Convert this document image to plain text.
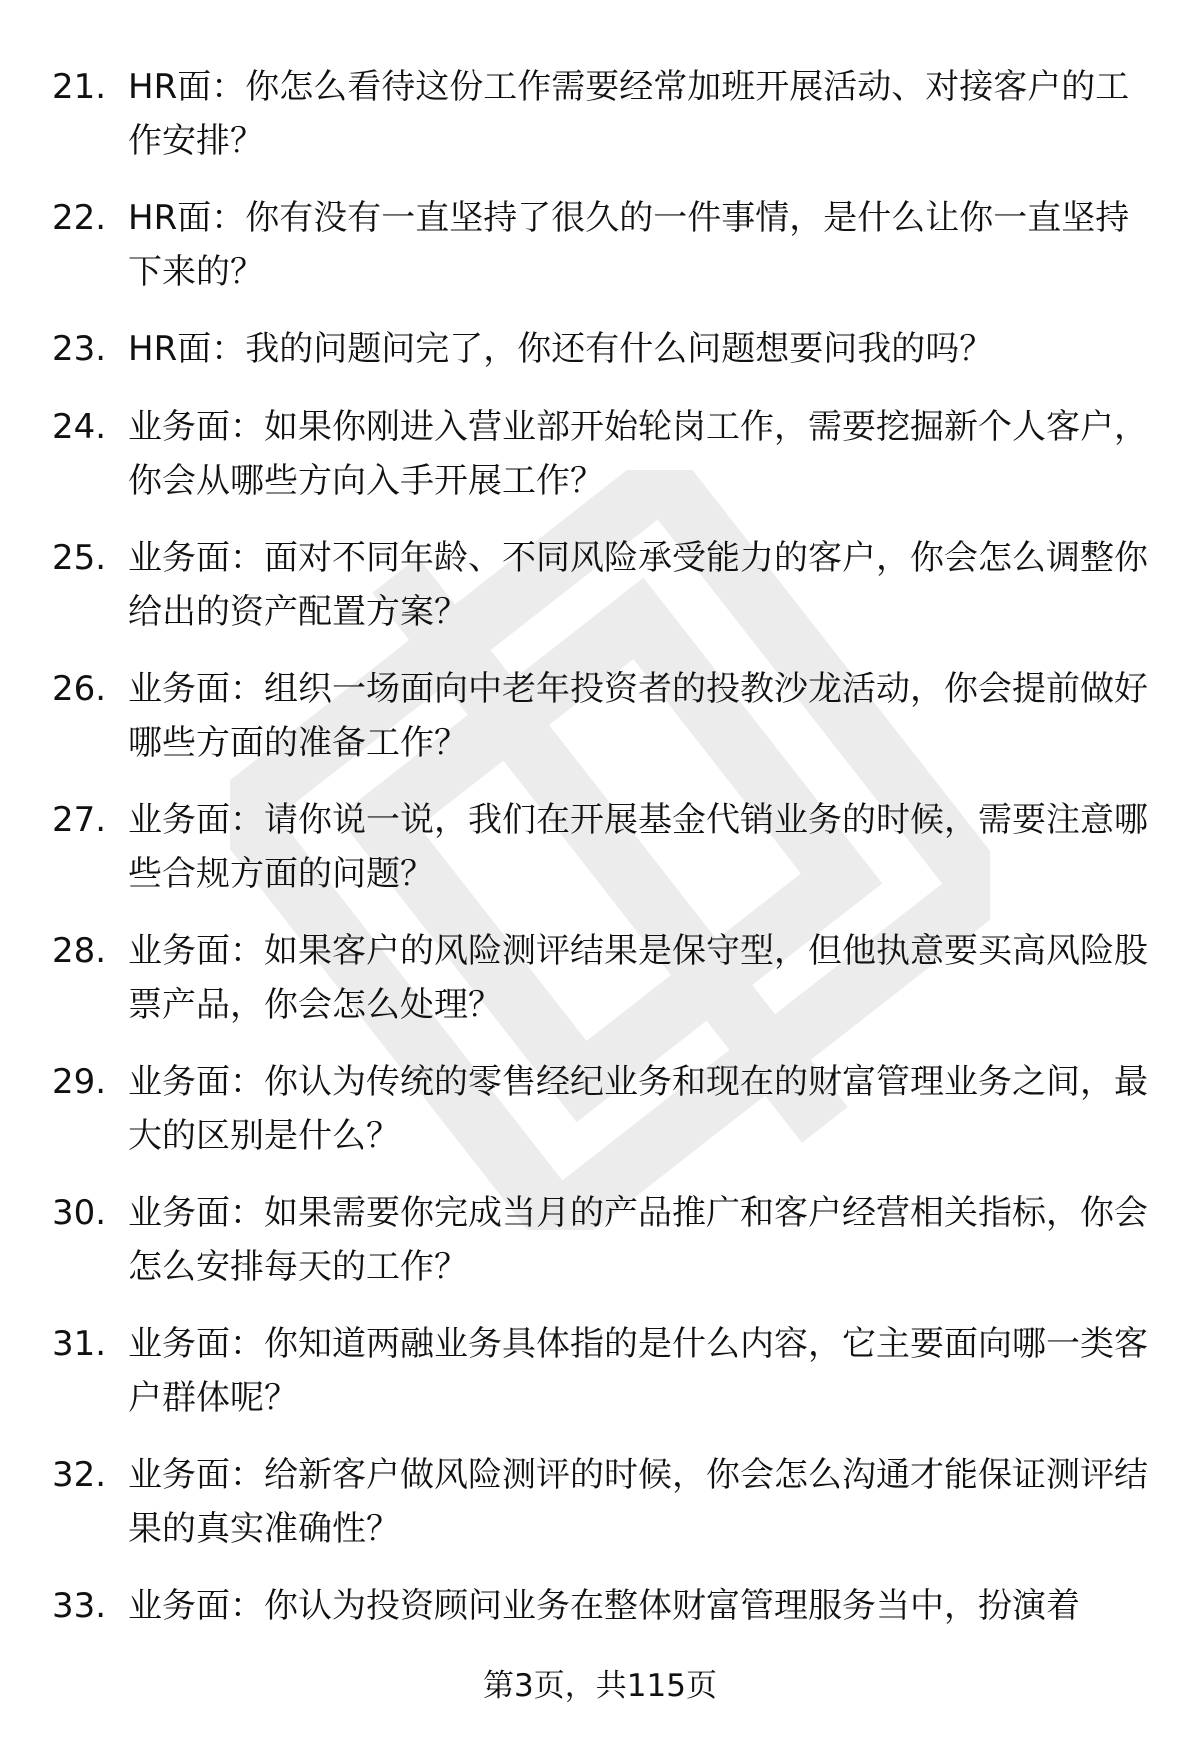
21. HR面：你怎么看待这份工作需要经常加班开展活动、对接客户的工作安排？
22. HR面：你有没有一直坚持了很久的一件事情，是什么让你一直坚持下来的？
23. HR面：我的问题问完了，你还有什么问题想要问我的吗？
24. 业务面：如果你刚进入营业部开始轮岗工作，需要挖掘新个人客户，你会从哪些方向入手开展工作？
25. 业务面：面对不同年龄、不同风险承受能力的客户，你会怎么调整你给出的资产配置方案？
26. 业务面：组织一场面向中老年投资者的投教沙龙活动，你会提前做好哪些方面的准备工作？
27. 业务面：请你说一说，我们在开展基金代销业务的时候，需要注意哪些合规方面的问题？
28. 业务面：如果客户的风险测评结果是保守型，但他执意要买高风险股票产品，你会怎么处理？
29. 业务面：你认为传统的零售经纪业务和现在的财富管理业务之间，最大的区别是什么？
30. 业务面：如果需要你完成当月的产品推广和客户经营相关指标，你会怎么安排每天的工作？
31. 业务面：你知道两融业务具体指的是什么内容，它主要面向哪一类客户群体呢？
32. 业务面：给新客户做风险测评的时候，你会怎么沟通才能保证测评结果的真实准确性？
33. 业务面：你认为投资顾问业务在整体财富管理服务当中，扮演着
第3页，共115页
